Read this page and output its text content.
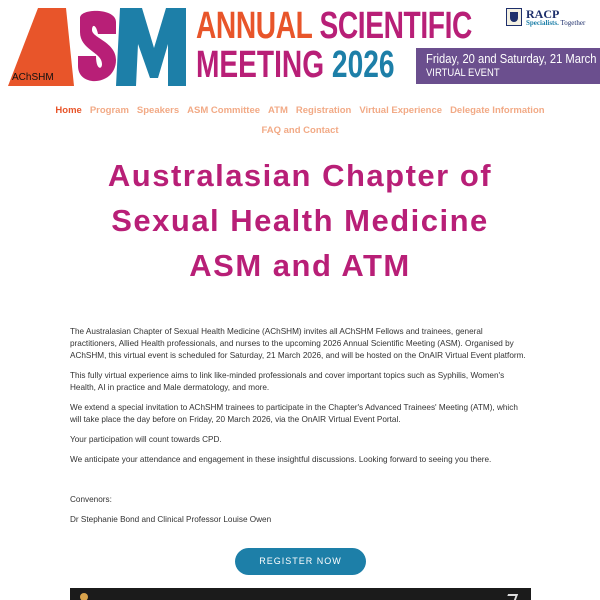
AChSHM
ANNUAL SCIENTIFIC
MEETING 2026
RACP
Specialists. Together
Friday, 20 and Saturday, 21 March
VIRTUAL EVENT
Home Program Speakers ASM Committee ATM Registration Virtual Experience Delegate Information
FAQ and Contact
Australasian Chapter of
Sexual Health Medicine
ASM and ATM

The Australasian Chapter of Sexual Health Medicine (AChSHM) invites all AChSHM Fellows and trainees, general practitioners, Allied Health professionals, and nurses to the upcoming 2026 Annual Scientific Meeting (ASM). Organised by AChSHM, this virtual event is scheduled for Saturday, 21 March 2026, and will be hosted on the OnAIR Virtual Event platform.

This fully virtual experience aims to link like-minded professionals and cover important topics such as Syphilis, Women's Health, AI in practice and Male dermatology, and more.

We extend a special invitation to AChSHM trainees to participate in the Chapter's Advanced Trainees' Meeting (ATM), which will take place the day before on Friday, 20 March 2026, via the OnAIR Virtual Event Portal.

Your participation will count towards CPD.

We anticipate your attendance and engagement in these insightful discussions. Looking forward to seeing you there.

Convenors:

Dr Stephanie Bond and Clinical Professor Louise Owen

REGISTER NOW
